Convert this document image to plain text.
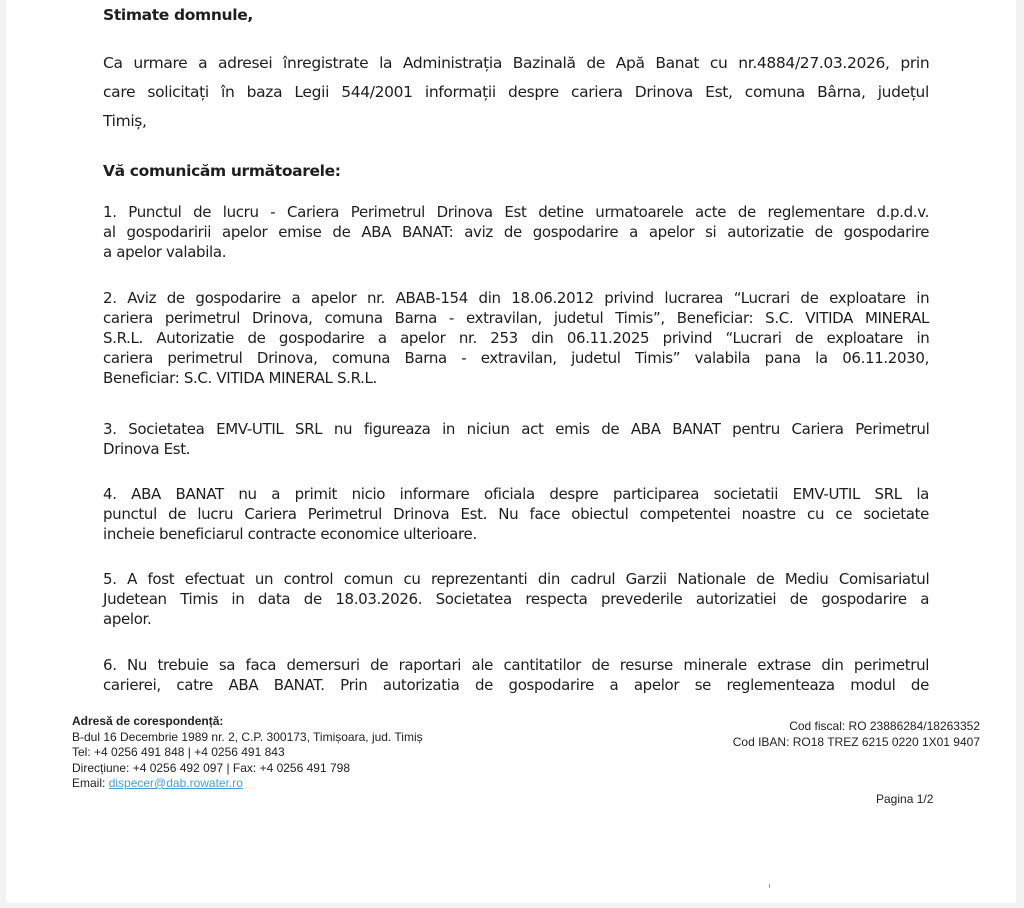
Stimate domnule,
Ca urmare a adresei înregistrate la Administrația Bazinală de Apă Banat cu nr.4884/27.03.2026, prin
care solicitați în baza Legii 544/2001 informații despre cariera Drinova Est, comuna Bârna, județul
Timiș,
Vă comunicăm următoarele:
1. Punctul de lucru - Cariera Perimetrul Drinova Est detine urmatoarele acte de reglementare d.p.d.v.
al gospodaririi apelor emise de ABA BANAT: aviz de gospodarire a apelor si autorizatie de gospodarire
a apelor valabila.
2. Aviz de gospodarire a apelor nr. ABAB-154 din 18.06.2012 privind lucrarea “Lucrari de exploatare in
cariera perimetrul Drinova, comuna Barna - extravilan, judetul Timis”, Beneficiar: S.C. VITIDA MINERAL
S.R.L. Autorizatie de gospodarire a apelor nr. 253 din 06.11.2025 privind “Lucrari de exploatare in
cariera perimetrul Drinova, comuna Barna - extravilan, judetul Timis” valabila pana la 06.11.2030,
Beneficiar: S.C. VITIDA MINERAL S.R.L.
3. Societatea EMV-UTIL SRL nu figureaza in niciun act emis de ABA BANAT pentru Cariera Perimetrul
Drinova Est.
4. ABA BANAT nu a primit nicio informare oficiala despre participarea societatii EMV-UTIL SRL la
punctul de lucru Cariera Perimetrul Drinova Est. Nu face obiectul competentei noastre cu ce societate
incheie beneficiarul contracte economice ulterioare.
5. A fost efectuat un control comun cu reprezentanti din cadrul Garzii Nationale de Mediu Comisariatul
Judetean Timis in data de 18.03.2026. Societatea respecta prevederile autorizatiei de gospodarire a
apelor.
6. Nu trebuie sa faca demersuri de raportari ale cantitatilor de resurse minerale extrase din perimetrul
carierei, catre ABA BANAT. Prin autorizatia de gospodarire a apelor se reglementeaza modul de
Adresă de corespondență:
B-dul 16 Decembrie 1989 nr. 2, C.P. 300173, Timișoara, jud. Timiș
Tel: +4 0256 491 848 | +4 0256 491 843
Direcțiune: +4 0256 492 097 | Fax: +4 0256 491 798
Email: dispecer@dab.rowater.ro
Cod fiscal: RO 23886284/18263352
Cod IBAN: RO18 TREZ 6215 0220 1X01 9407
Pagina 1/2
